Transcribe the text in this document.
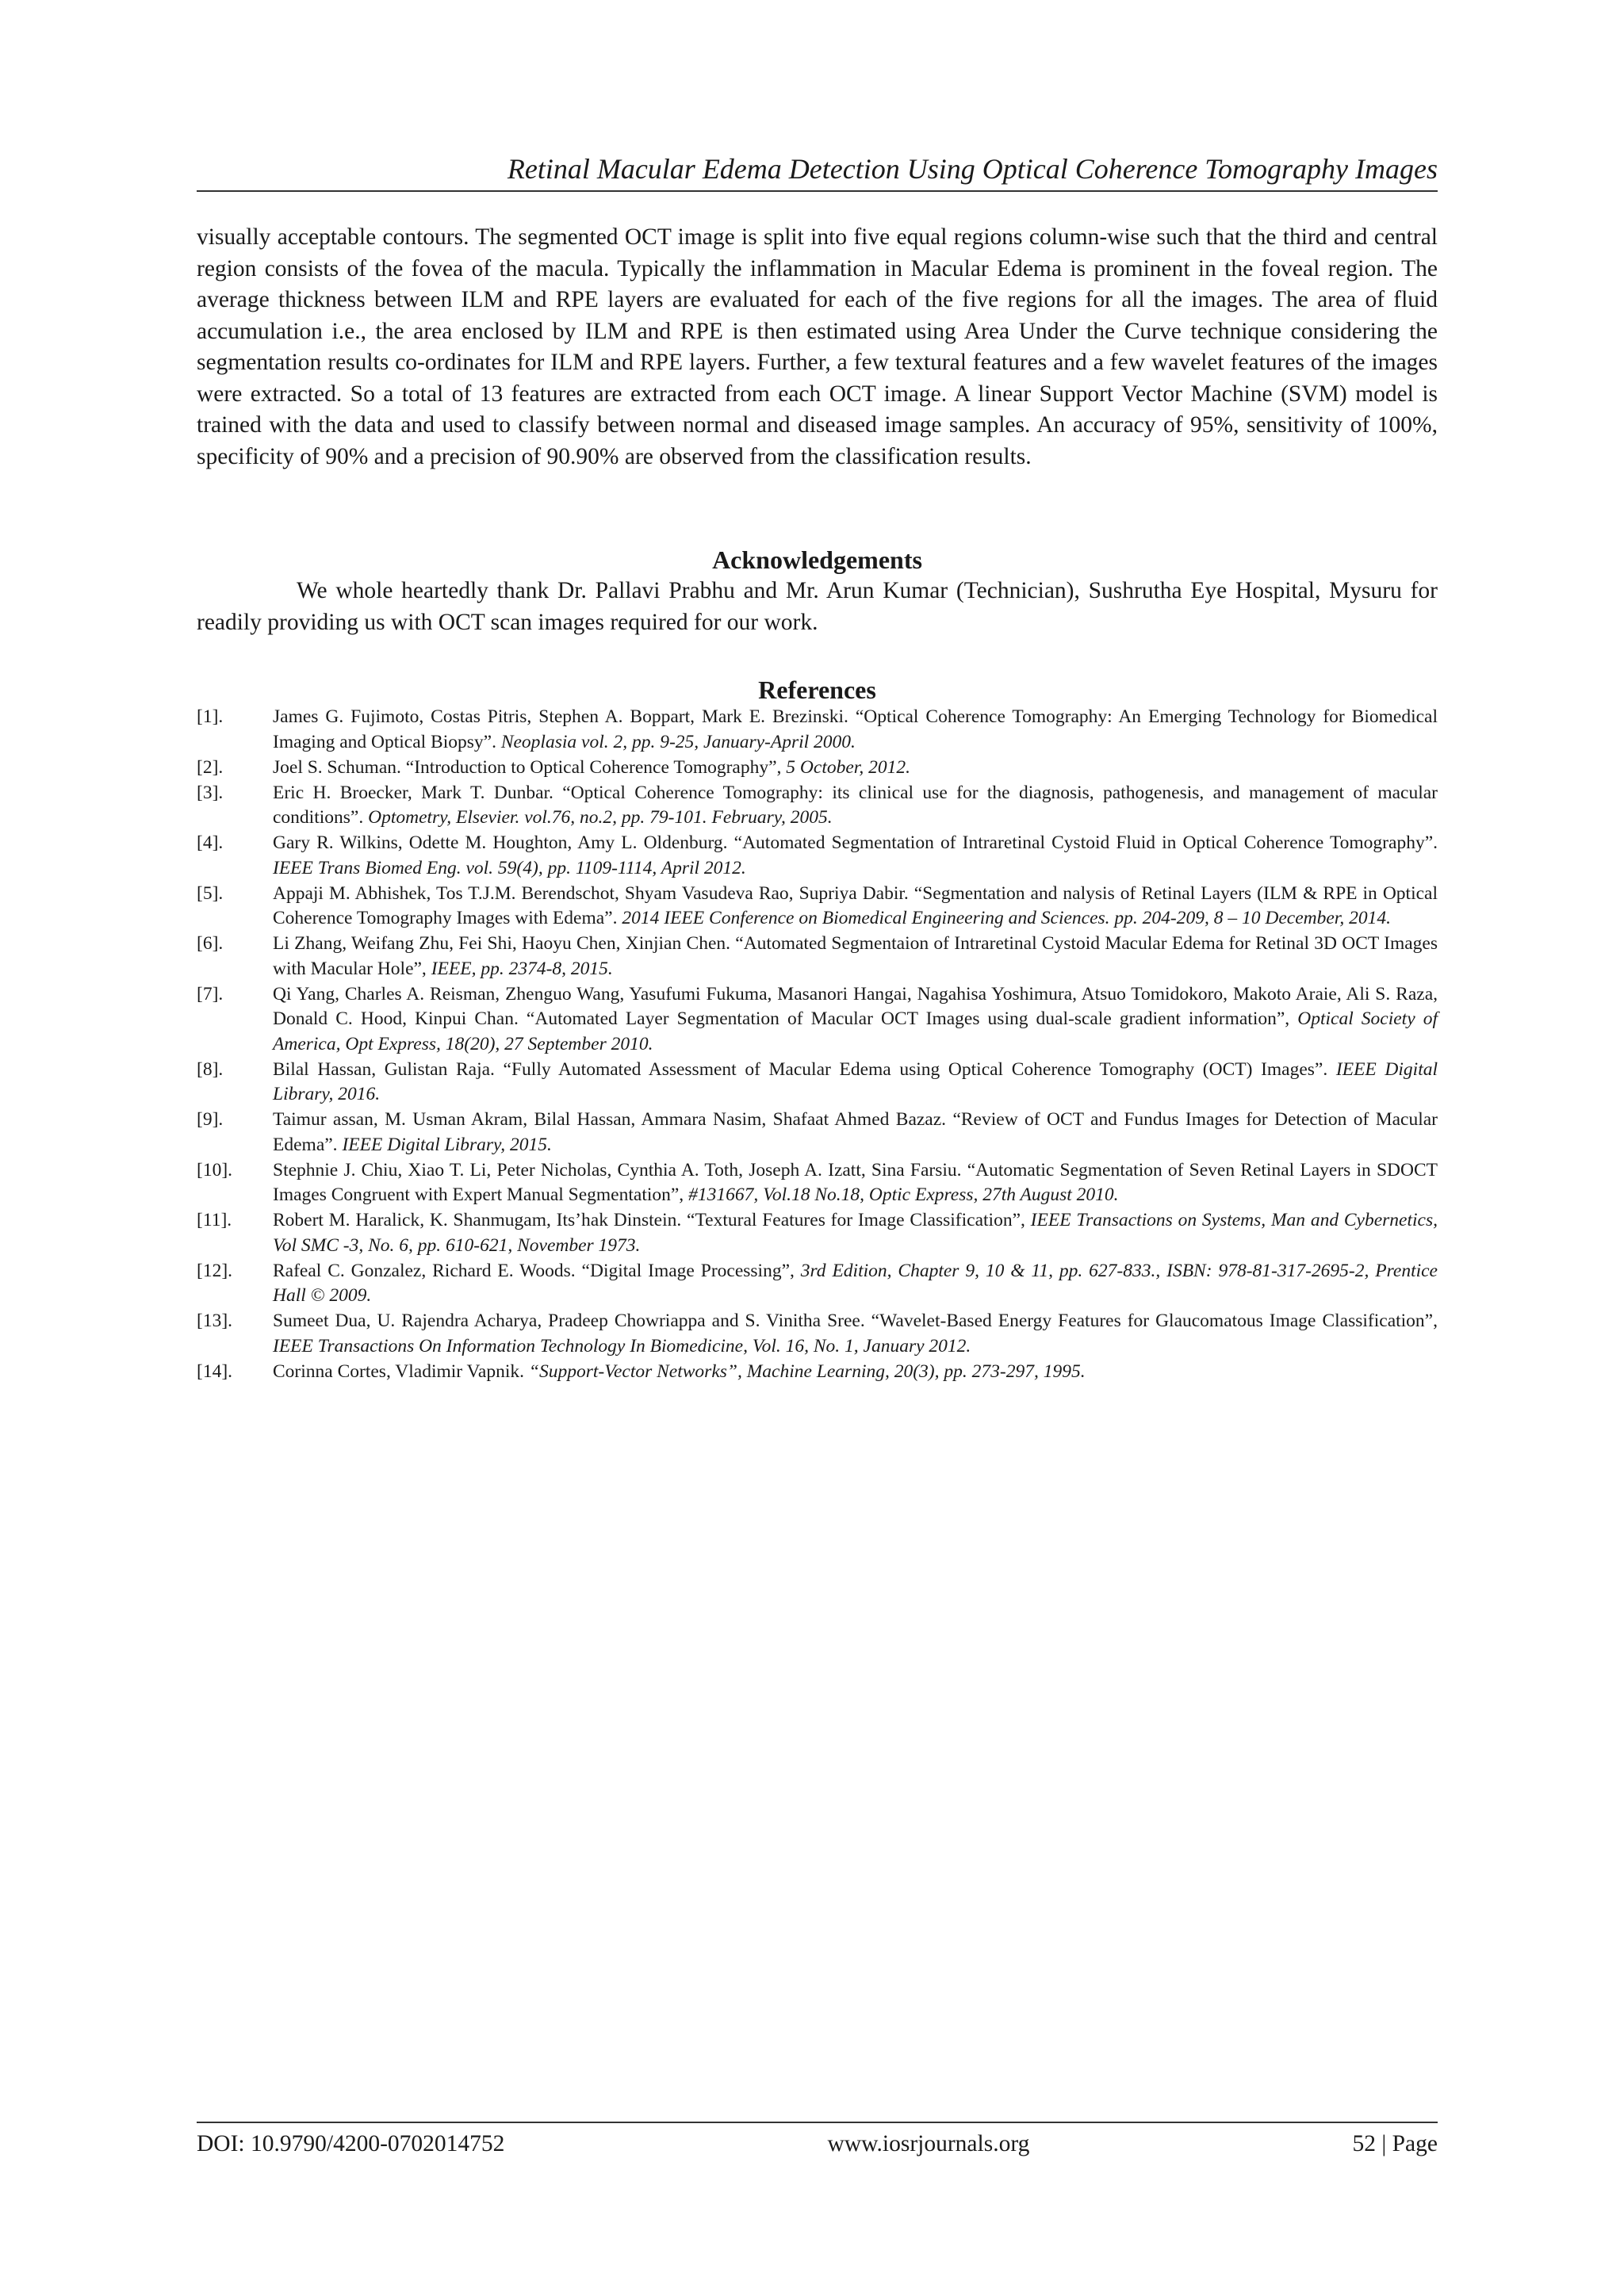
Retinal Macular Edema Detection Using Optical Coherence Tomography Images

visually acceptable contours. The segmented OCT image is split into five equal regions column-wise such that the third and central region consists of the fovea of the macula. Typically the inflammation in Macular Edema is prominent in the foveal region. The average thickness between ILM and RPE layers are evaluated for each of the five regions for all the images. The area of fluid accumulation i.e., the area enclosed by ILM and RPE is then estimated using Area Under the Curve technique considering the segmentation results co-ordinates for ILM and RPE layers. Further, a few textural features and a few wavelet features of the images were extracted. So a total of 13 features are extracted from each OCT image. A linear Support Vector Machine (SVM) model is trained with the data and used to classify between normal and diseased image samples. An accuracy of 95%, sensitivity of 100%, specificity of 90% and a precision of 90.90% are observed from the classification results.

Acknowledgements

We whole heartedly thank Dr. Pallavi Prabhu and Mr. Arun Kumar (Technician), Sushrutha Eye Hospital, Mysuru for readily providing us with OCT scan images required for our work.

References
[1].	James G. Fujimoto, Costas Pitris, Stephen A. Boppart, Mark E. Brezinski. “Optical Coherence Tomography: An Emerging Technology for Biomedical Imaging and Optical Biopsy”. Neoplasia vol. 2, pp. 9-25, January-April 2000.
[2].	Joel S. Schuman. “Introduction to Optical Coherence Tomography”, 5 October, 2012.
[3].	Eric H. Broecker, Mark T. Dunbar. “Optical Coherence Tomography: its clinical use for the diagnosis, pathogenesis, and management of macular conditions”. Optometry, Elsevier. vol.76, no.2, pp. 79-101. February, 2005.
[4].	Gary R. Wilkins, Odette M. Houghton, Amy L. Oldenburg. “Automated Segmentation of Intraretinal Cystoid Fluid in Optical Coherence Tomography”. IEEE Trans Biomed Eng. vol. 59(4), pp. 1109-1114, April 2012.
[5].	Appaji M. Abhishek, Tos T.J.M. Berendschot, Shyam Vasudeva Rao, Supriya Dabir. “Segmentation and nalysis of Retinal Layers (ILM & RPE in Optical Coherence Tomography Images with Edema”. 2014 IEEE Conference on Biomedical Engineering and Sciences. pp. 204-209, 8 – 10 December, 2014.
[6].	Li Zhang, Weifang Zhu, Fei Shi, Haoyu Chen, Xinjian Chen. “Automated Segmentaion of Intraretinal Cystoid Macular Edema for Retinal 3D OCT Images with Macular Hole”, IEEE, pp. 2374-8, 2015.
[7].	Qi Yang, Charles A. Reisman, Zhenguo Wang, Yasufumi Fukuma, Masanori Hangai, Nagahisa Yoshimura, Atsuo Tomidokoro, Makoto Araie, Ali S. Raza, Donald C. Hood, Kinpui Chan. “Automated Layer Segmentation of Macular OCT Images using dual-scale gradient information”, Optical Society of America, Opt Express, 18(20), 27 September 2010.
[8].	Bilal Hassan, Gulistan Raja. “Fully Automated Assessment of Macular Edema using Optical Coherence Tomography (OCT) Images”. IEEE Digital Library, 2016.
[9].	Taimur assan, M. Usman Akram, Bilal Hassan, Ammara Nasim, Shafaat Ahmed Bazaz. “Review of OCT and Fundus Images for Detection of Macular Edema”. IEEE Digital Library, 2015.
[10].	Stephnie J. Chiu, Xiao T. Li, Peter Nicholas, Cynthia A. Toth, Joseph A. Izatt, Sina Farsiu. “Automatic Segmentation of Seven Retinal Layers in SDOCT Images Congruent with Expert Manual Segmentation”, #131667, Vol.18 No.18, Optic Express, 27th August 2010.
[11].	Robert M. Haralick, K. Shanmugam, Its’hak Dinstein. “Textural Features for Image Classification”, IEEE Transactions on Systems, Man and Cybernetics, Vol SMC -3, No. 6, pp. 610-621, November 1973.
[12].	Rafeal C. Gonzalez, Richard E. Woods. “Digital Image Processing”, 3rd Edition, Chapter 9, 10 & 11, pp. 627-833., ISBN: 978-81-317-2695-2, Prentice Hall © 2009.
[13].	Sumeet Dua, U. Rajendra Acharya, Pradeep Chowriappa and S. Vinitha Sree. “Wavelet-Based Energy Features for Glaucomatous Image Classification”, IEEE Transactions On Information Technology In Biomedicine, Vol. 16, No. 1, January 2012.
[14].	Corinna Cortes, Vladimir Vapnik. “Support-Vector Networks”, Machine Learning, 20(3), pp. 273-297, 1995.
DOI: 10.9790/4200-0702014752	www.iosrjournals.org	52 | Page
